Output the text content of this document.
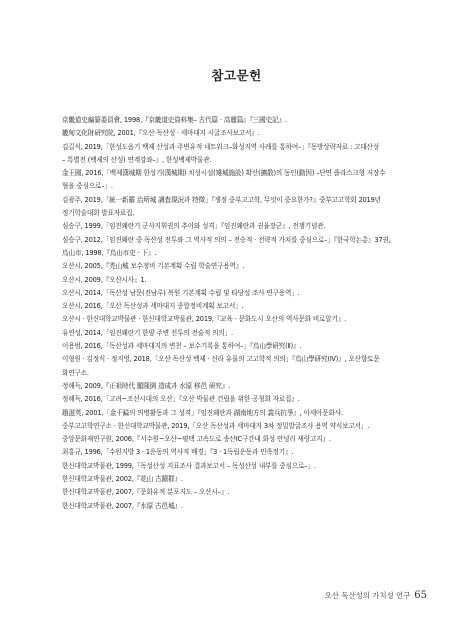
참고문헌
京畿道史編纂委員會, 1998,『京畿道史資料集– 古代篇 · 高麗篇』『三國史記』.
畿甸文化財研究院, 2001,『오산 독산성 · 세마대지 시굴조사보고서』.
김길식, 2019,「한성도읍기 백제 산성과 주변유적 네트워크–화성지역 사례를 통하여–」『동방상략자료 : 고대산성
– 특별전 (백제의 산성) 연계강좌–』, 한성백제박물관.
金王國, 2016,「백제漢城期 한성기(漢城期) 치성시설(雉城施設) 확산(擴散)의 동인(動因) –단면 플라스크형 저장수
혈을 중심으로–」.
김광주, 2019,「統一新羅 治所城 調査現況과 特徵」『쟁점 중부고고학, 무엇이 중요한가?』중부고고학회 2019년
정기학술대회 발표자료집.
심승구, 1999,「임진왜란기 군사지휘권의 추이와 성격」『임진왜란과 권율장군』, 전쟁기념관.
심승구, 2012,「임진왜란 중 독산성 전투와 그 역사적 의의 – 전승적 · 전략적 가치를 중심으로–」『한국학논총』37권,
烏山市, 1998,『烏山市史 · 下』.
오산시, 2005,『禿山城 보수정비 기본계획 수립 학술연구용역』.
오산시, 2009,『오산시사』1.
오산시, 2014,「독산성 남문(진남루) 복원 기본계획 수립 및 타당성 조사 연구용역」.
오산시, 2016,「오산 독산성과 세마대지 종합정비계획 보고서」.
오산시 · 한신대학교박물관 · 한신대학교박물관, 2019,『교육 · 문화도시 오산의 역사문화 비로알기』.
유연성, 2014,「임진왜란기 한양 주변 전투의 전술적 의의」.
이용범, 2016,「독산성과 세마대지의 변천 – 보수기록을 통하여–」『烏山學研究(Ⅱ)』.
이형원 · 김정식 · 정지영, 2018,「오산 독산성 백제 · 신라 유물의 고고학적 의의」『烏山學研究(Ⅳ)』, 오산향토문
화연구소.
정해득, 2009,『正祖時代 顯隆園 造成과 水原 移邑 研究』.
정해득, 2016,「고려~조선시대의 오산」『오산 박물관 건립을 위한 공청회 자료집』.
趙滋英, 2001,「金千鎰의 의병활동과 그 성격」『임진왜란과 湖南地方의 義兵抗爭』, 아세아문화사.
중부고고학연구소 · 한신대학교박물관, 2019,「오산 독산성과 세마대지 3차 정밀발굴조사 용역 약식보고서」.
중앙문화재연구원, 2006,『서수원~오산~평택 고속도로 송산IC구간내 화성 안녕리 새랑고지』.
최홍규, 1996,「수원지방 3 · 1운동의 역사적 배경」『3 · 1독립운동과 민족정기』.
한신대학교박물관, 1999,「독성산성 지표조사 결과보고서 – 독성산성 내부를 중심으로–」.
한신대학교박물관, 2002,『花山 古蹟群』.
한신대학교박물관, 2007,『문화유적 분포지도 – 오산시–』.
한신대학교박물관, 2007,『水原 古邑城』.
오산 독산성의 가치성 연구 65
